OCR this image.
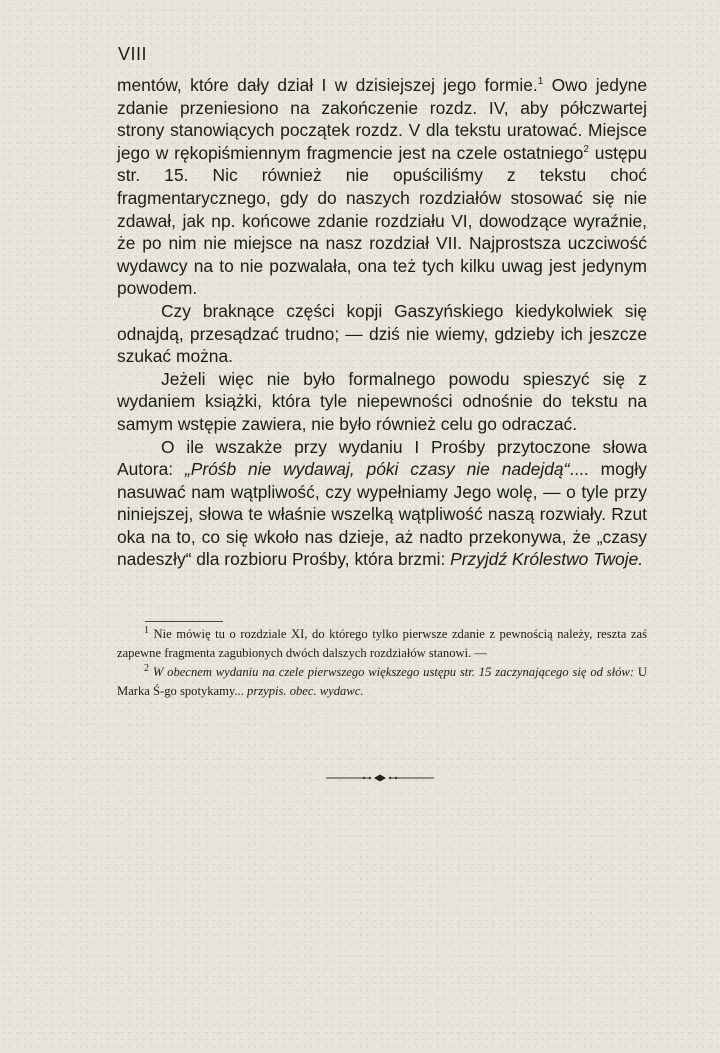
VIII

mentów, które dały dział I w dzisiejszej jego formie.$^1$ Owo jedyne zdanie przeniesiono na zakończenie rozdz. IV, aby półczwartej strony stanowiących początek rozdz. V dla tekstu uratować. Miejsce jego w rękopiśmiennym fragmencie jest na czele ostatniego$^2$ ustępu str. 15. Nic również nie opuściliśmy z tekstu choć fragmentarycznego, gdy do naszych rozdziałów stosować się nie zdawał, jak np. końcowe zdanie rozdziału VI, dowodzące wyraźnie, że po nim nie miejsce na nasz rozdział VII. Najprostsza uczciwość wydawcy na to nie pozwalała, ona też tych kilku uwag jest jedynym powodem.

Czy braknące części kopji Gaszyńskiego kiedykolwiek się odnajdą, przesądzać trudno; — dziś nie wiemy, gdzieby ich jeszcze szukać można.

Jeżeli więc nie było formalnego powodu spieszyć się z wydaniem książki, która tyle niepewności odnośnie do tekstu na samym wstępie zawiera, nie było również celu go odraczać.

O ile wszakże przy wydaniu I Prośby przytoczone słowa Autora: „Próśb nie wydawaj, póki czasy nie nadejdą“.... mogły nasuwać nam wątpliwość, czy wypełniamy Jego wolę, — o tyle przy niniejszej, słowa te właśnie wszelką wątpliwość naszą rozwiały. Rzut oka na to, co się wkoło nas dzieje, aż nadto przekonywa, że „czasy nadeszły“ dla rozbioru Prośby, która brzmi: Przyjdź Królestwo Twoje.

$^1$ Nie mówię tu o rozdziale XI, do którego tylko pierwsze zdanie z pewnością należy, reszta zaś zapewne fragmenta zagubionych dwóch dalszych rozdziałów stanowi. —

$^2$ W obecnem wydaniu na czele pierwszego większego ustępu str. 15 zaczynającego się od słów: U Marka Ś-go spotykamy... przypis. obec. wydawc.
